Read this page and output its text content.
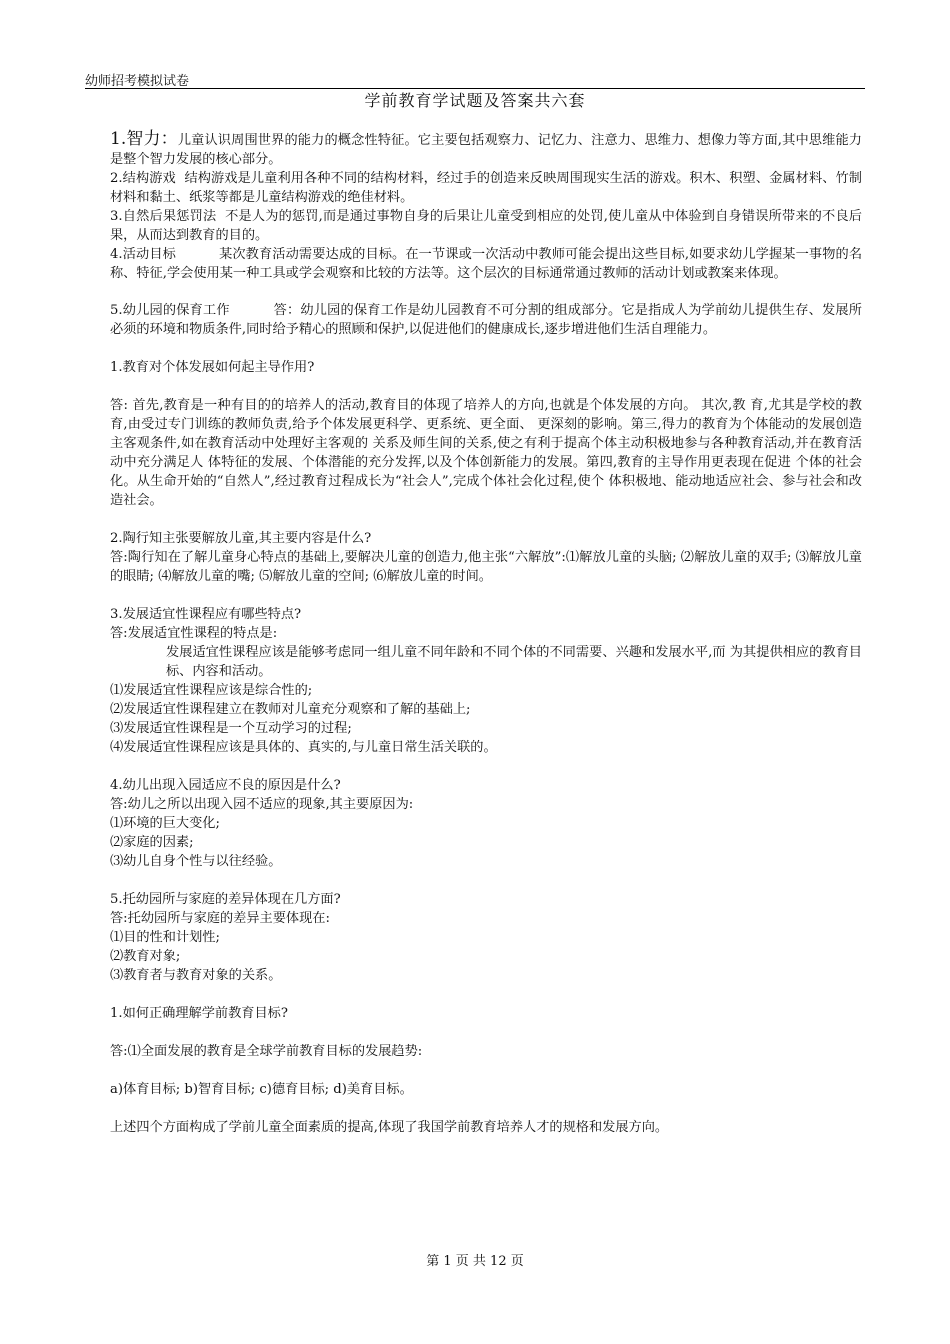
幼师招考模拟试卷
学前教育学试题及答案共六套

1.智力：儿童认识周围世界的能力的概念性特征。它主要包括观察力、记忆力、注意力、思维力、想像力等方面,其中思维能力是整个智力发展的核心部分。

2.结构游戏 结构游戏是儿童利用各种不同的结构材料，经过手的创造来反映周围现实生活的游戏。积木、积塑、金属材料、竹制材料和黏土、纸浆等都是儿童结构游戏的绝佳材料。

3.自然后果惩罚法 不是人为的惩罚,而是通过事物自身的后果让儿童受到相应的处罚,使儿童从中体验到自身错误所带来的不良后果，从而达到教育的目的。

4.活动目标	某次教育活动需要达成的目标。在一节课或一次活动中教师可能会提出这些目标,如要求幼儿学握某一事物的名称、特征,学会使用某一种工具或学会观察和比较的方法等。这个层次的目标通常通过教师的活动计划或教案来体现。

5.幼儿园的保育工作	答：幼儿园的保育工作是幼儿园教育不可分割的组成部分。它是指成人为学前幼儿提供生存、发展所必须的环境和物质条件,同时给予精心的照顾和保护,以促进他们的健康成长,逐步增进他们生活自理能力。

1.教育对个体发展如何起主导作用?

答: 首先,教育是一种有目的的培养人的活动,教育目的体现了培养人的方向,也就是个体发展的方向。 其次,教 育,尤其是学校的教育,由受过专门训练的教师负责,给予个体发展更科学、更系统、更全面、 更深刻的影响。第三,得力的教育为个体能动的发展创造主客观条件,如在教育活动中处理好主客观的 关系及师生间的关系,使之有利于提高个体主动积极地参与各种教育活动,并在教育活动中充分满足人 体特征的发展、个体潜能的充分发挥,以及个体创新能力的发展。第四,教育的主导作用更表现在促进 个体的社会化。从生命开始的“自然人”,经过教育过程成长为“社会人”,完成个体社会化过程,使个 体积极地、能动地适应社会、参与社会和改造社会。

2.陶行知主张要解放儿童,其主要内容是什么?

答:陶行知在了解儿童身心特点的基础上,要解决儿童的创造力,他主张“六解放”:⑴解放儿童的头脑; ⑵解放儿童的双手; ⑶解放儿童的眼睛; ⑷解放儿童的嘴; ⑸解放儿童的空间; ⑹解放儿童的时间。

3.发展适宜性课程应有哪些特点?

答:发展适宜性课程的特点是:

发展适宜性课程应该是能够考虑同一组儿童不同年龄和不同个体的不同需要、兴趣和发展水平,而 为其提供相应的教育目标、内容和活动。

⑴发展适宜性课程应该是综合性的;

⑵发展适宜性课程建立在教师对儿童充分观察和了解的基础上;

⑶发展适宜性课程是一个互动学习的过程;

⑷发展适宜性课程应该是具体的、真实的,与儿童日常生活关联的。

4.幼儿出现入园适应不良的原因是什么?

答:幼儿之所以出现入园不适应的现象,其主要原因为:

⑴环境的巨大变化;

⑵家庭的因素;

⑶幼儿自身个性与以往经验。

5.托幼园所与家庭的差异体现在几方面?

答:托幼园所与家庭的差异主要体现在:

⑴目的性和计划性;

⑵教育对象;

⑶教育者与教育对象的关系。

1.如何正确理解学前教育目标?

答:⑴全面发展的教育是全球学前教育目标的发展趋势:

a)体育目标; b)智育目标; c)德育目标; d)美育目标。

上述四个方面构成了学前儿童全面素质的提高,体现了我国学前教育培养人才的规格和发展方向。

第 1 页 共 12 页
